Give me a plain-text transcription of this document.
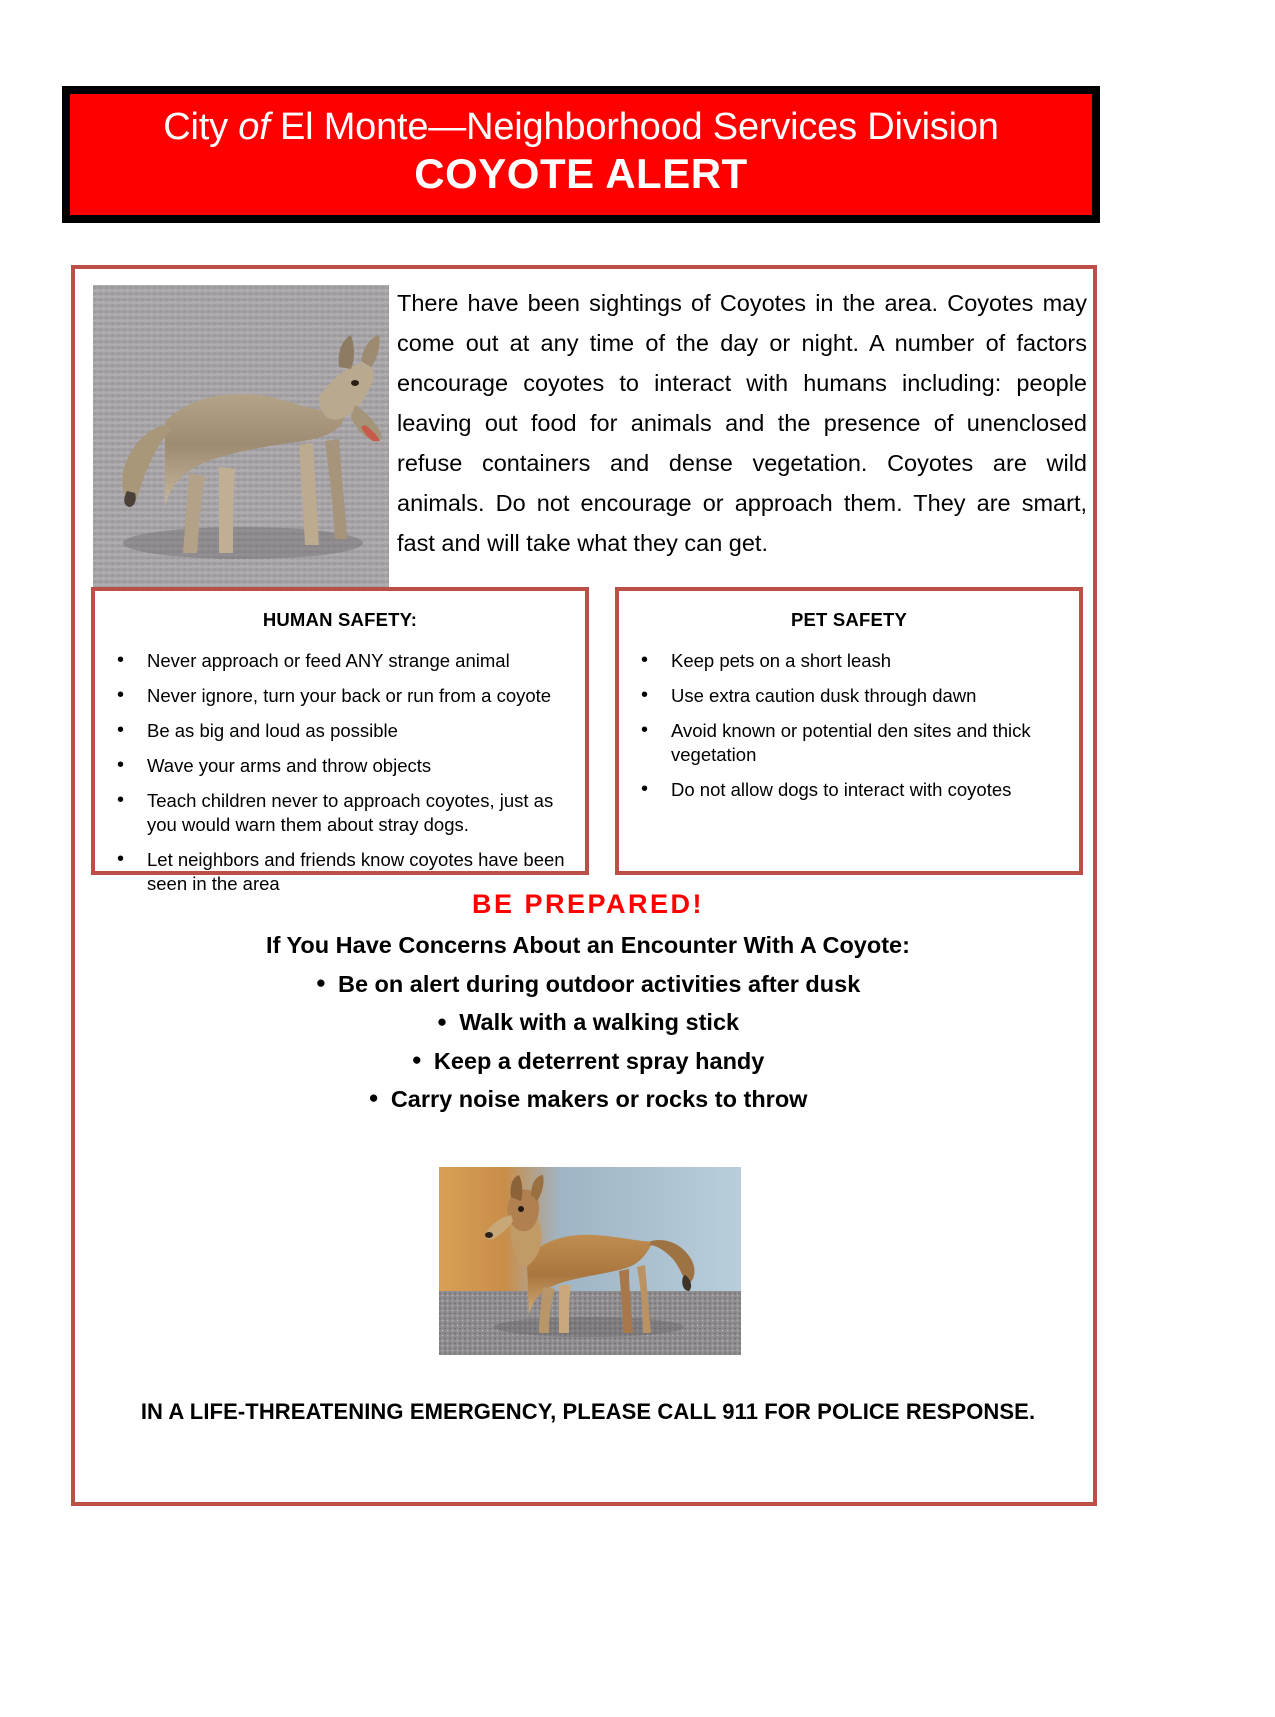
City of El Monte—Neighborhood Services Division
COYOTE ALERT
There have been sightings of Coyotes in the area. Coyotes may come out at any time of the day or night. A number of factors encourage coyotes to interact with humans including: people leaving out food for animals and the presence of unenclosed refuse containers and dense vegetation. Coyotes are wild animals. Do not encourage or approach them. They are smart, fast and will take what they can get.
HUMAN SAFETY:
• Never approach or feed ANY strange animal
• Never ignore, turn your back or run from a coyote
• Be as big and loud as possible
• Wave your arms and throw objects
• Teach children never to approach coyotes, just as you would warn them about stray dogs.
• Let neighbors and friends know coyotes have been seen in the area
PET SAFETY
• Keep pets on a short leash
• Use extra caution dusk through dawn
• Avoid known or potential den sites and thick vegetation
• Do not allow dogs to interact with coyotes
BE PREPARED!
If You Have Concerns About an Encounter With A Coyote:
● Be on alert during outdoor activities after dusk
● Walk with a walking stick
● Keep a deterrent spray handy
● Carry noise makers or rocks to throw
IN A LIFE-THREATENING EMERGENCY, PLEASE CALL 911 FOR POLICE RESPONSE.
